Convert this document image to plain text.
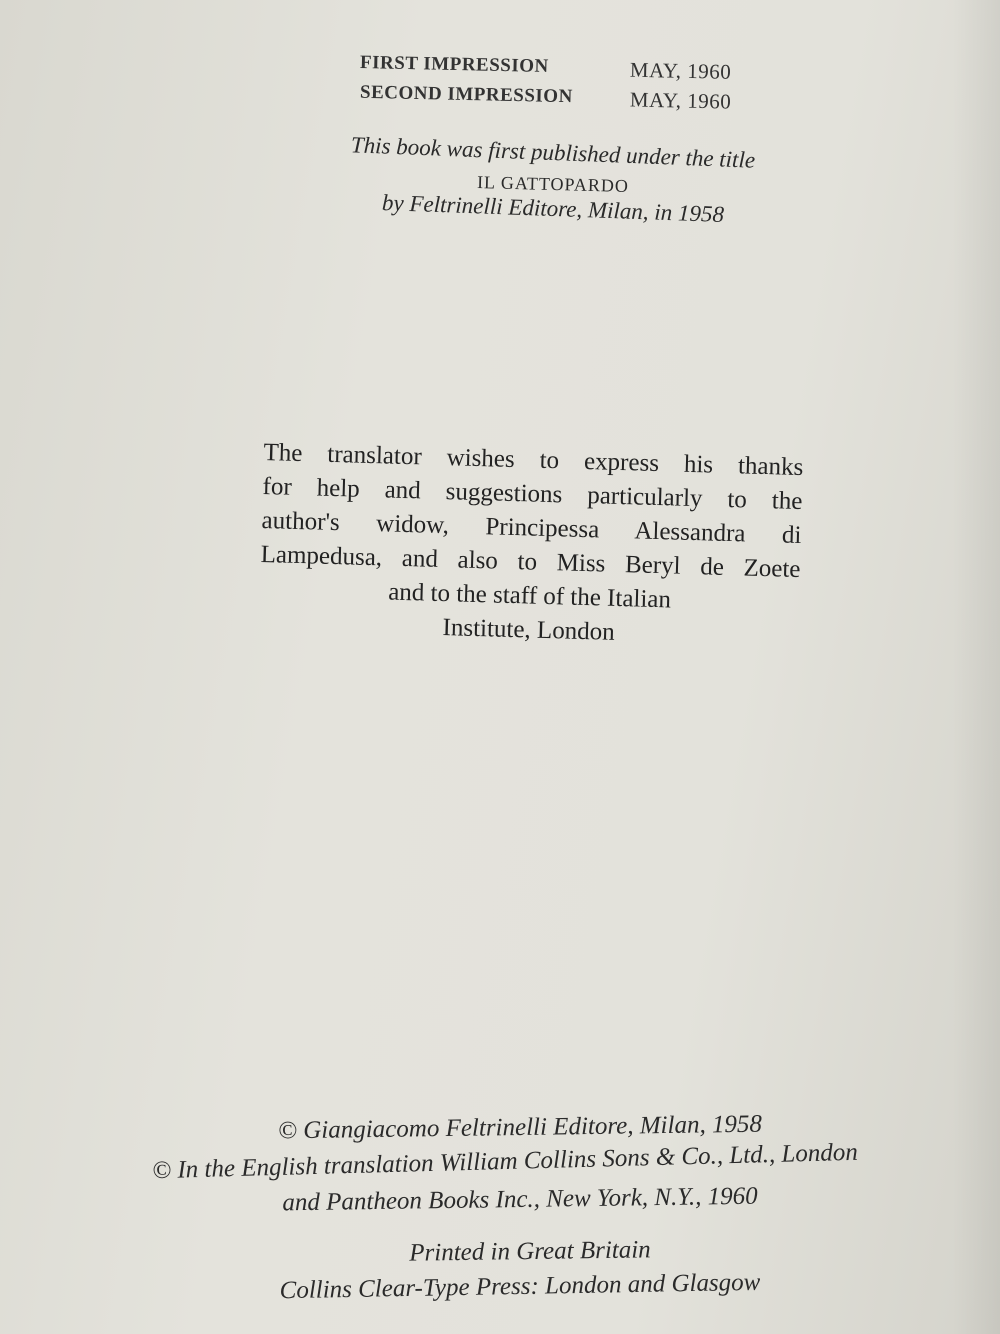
FIRST IMPRESSION	MAY, 1960
SECOND IMPRESSION	MAY, 1960
This book was first published under the title
IL GATTOPARDO
by Feltrinelli Editore, Milan, in 1958
The translator wishes to express his thanks
for help and suggestions particularly to the
author's widow, Principessa Alessandra di
Lampedusa, and also to Miss Beryl de Zoete
and to the staff of the Italian
Institute, London
© Giangiacomo Feltrinelli Editore, Milan, 1958
© In the English translation William Collins Sons & Co., Ltd., London
and Pantheon Books Inc., New York, N.Y., 1960
Printed in Great Britain
Collins Clear-Type Press: London and Glasgow
